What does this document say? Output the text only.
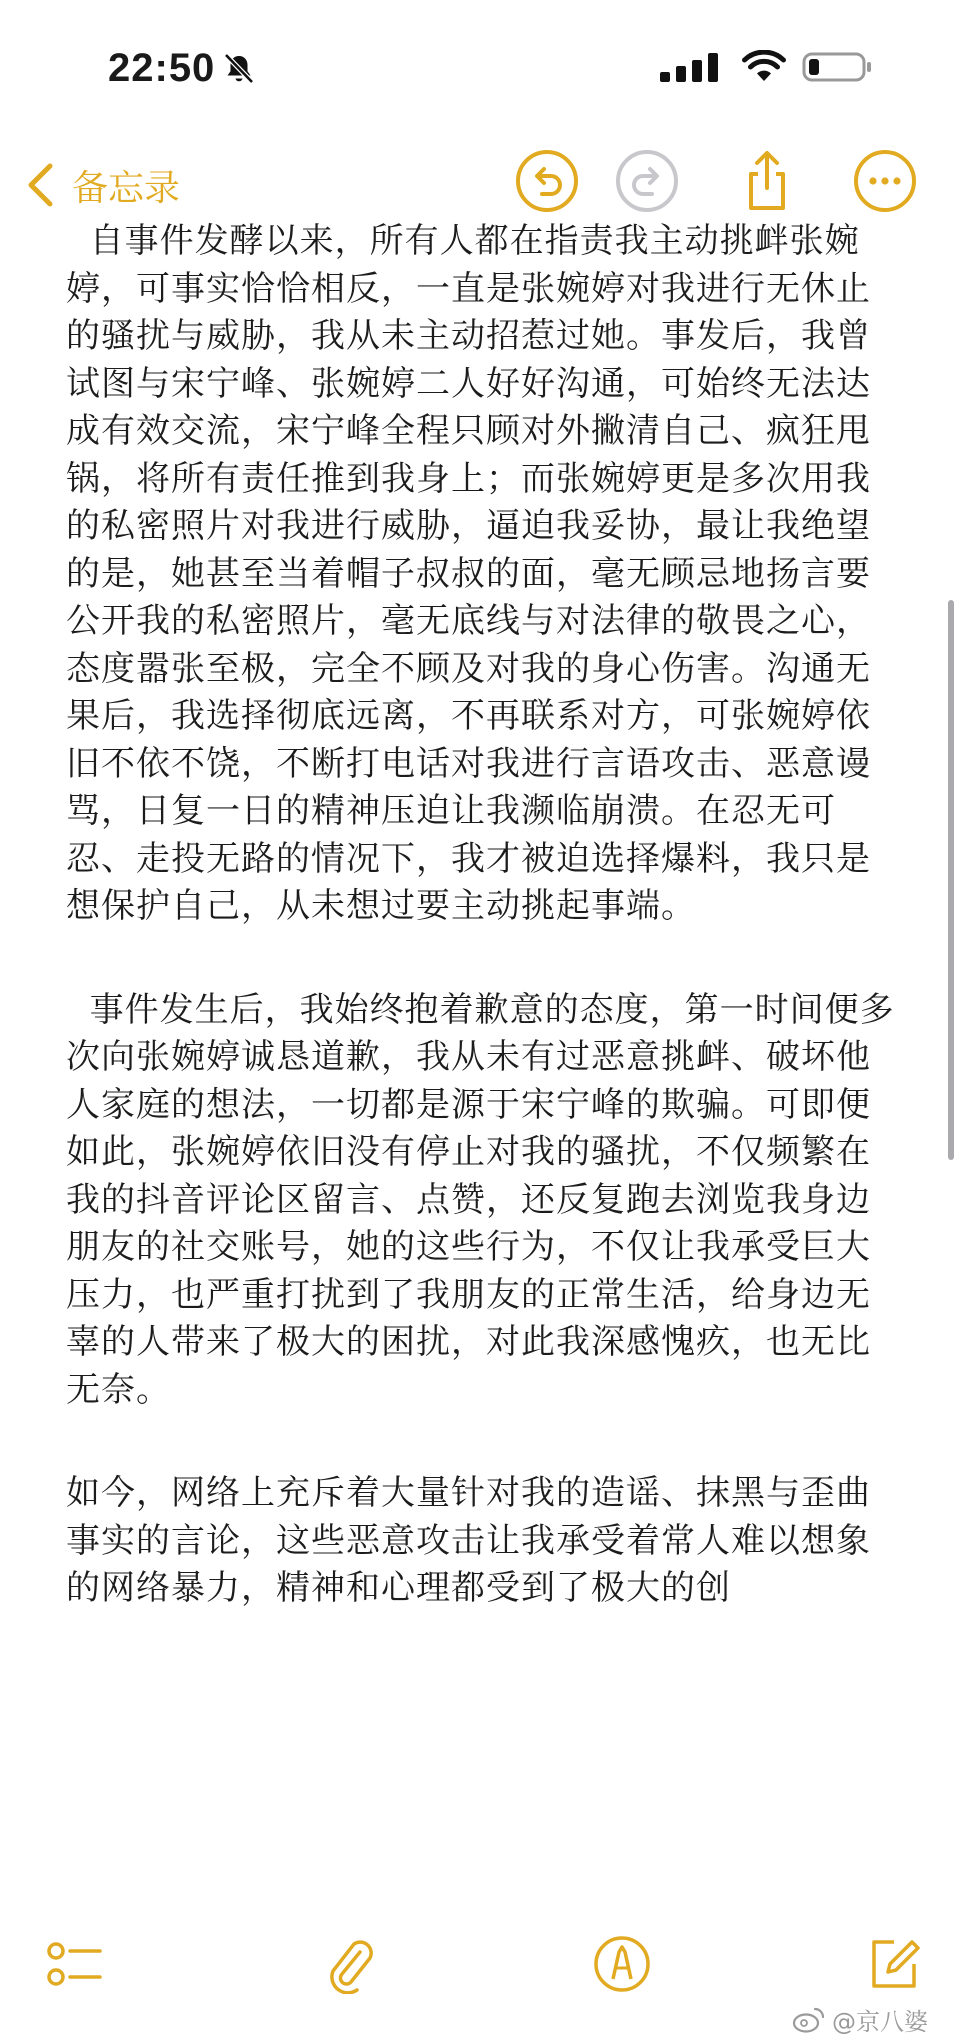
22:50
备忘录

自事件发酵以来，所有人都在指责我主动挑衅张婉婷，可事实恰恰相反，一直是张婉婷对我进行无休止的骚扰与威胁，我从未主动招惹过她。事发后，我曾试图与宋宁峰、张婉婷二人好好沟通，可始终无法达成有效交流，宋宁峰全程只顾对外撇清自己、疯狂甩锅，将所有责任推到我身上；而张婉婷更是多次用我的私密照片对我进行威胁，逼迫我妥协，最让我绝望的是，她甚至当着帽子叔叔的面，毫无顾忌地扬言要公开我的私密照片，毫无底线与对法律的敬畏之心，态度嚣张至极，完全不顾及对我的身心伤害。沟通无果后，我选择彻底远离，不再联系对方，可张婉婷依旧不依不饶，不断打电话对我进行言语攻击、恶意谩骂，日复一日的精神压迫让我濒临崩溃。在忍无可忍、走投无路的情况下，我才被迫选择爆料，我只是想保护自己，从未想过要主动挑起事端。

事件发生后，我始终抱着歉意的态度，第一时间便多次向张婉婷诚恳道歉，我从未有过恶意挑衅、破坏他人家庭的想法，一切都是源于宋宁峰的欺骗。可即便如此，张婉婷依旧没有停止对我的骚扰，不仅频繁在我的抖音评论区留言、点赞，还反复跑去浏览我身边朋友的社交账号，她的这些行为，不仅让我承受巨大压力，也严重打扰到了我朋友的正常生活，给身边无辜的人带来了极大的困扰，对此我深感愧疚，也无比无奈。

如今，网络上充斥着大量针对我的造谣、抹黑与歪曲事实的言论，这些恶意攻击让我承受着常人难以想象的网络暴力，精神和心理都受到了极大的创

@京八婆
